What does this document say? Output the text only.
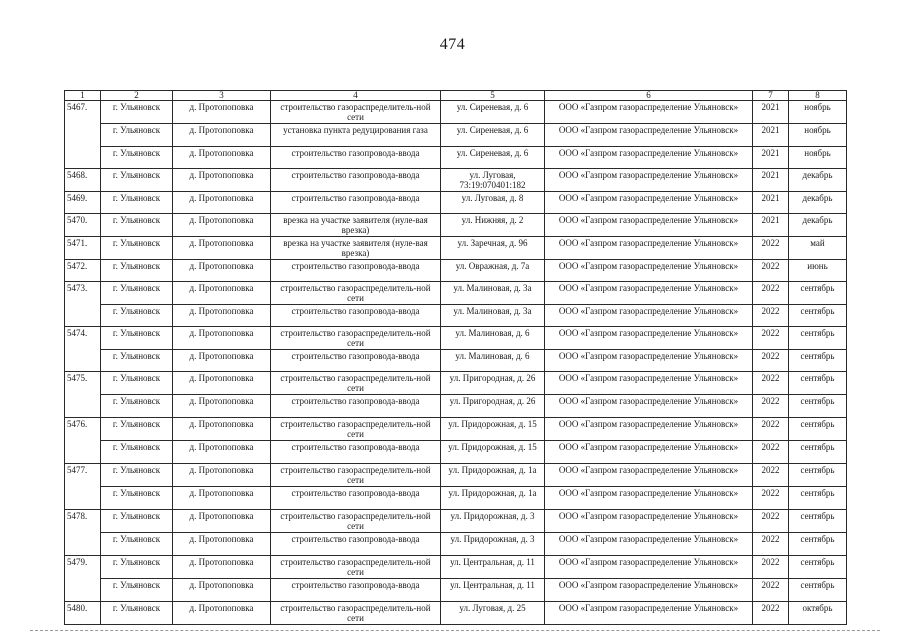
474
1	2	3	4	5	6	7	8
5467.	г. Ульяновск	д. Протопоповка	строительство газораспределитель-ной сети	ул. Сиреневая, д. 6	ООО «Газпром газораспределение Ульяновск»	2021	ноябрь
	г. Ульяновск	д. Протопоповка	установка пункта редуцирования газа	ул. Сиреневая, д. 6	ООО «Газпром газораспределение Ульяновск»	2021	ноябрь
	г. Ульяновск	д. Протопоповка	строительство газопровода-ввода	ул. Сиреневая, д. 6	ООО «Газпром газораспределение Ульяновск»	2021	ноябрь
5468.	г. Ульяновск	д. Протопоповка	строительство газопровода-ввода	ул. Луговая, 73:19:070401:182	ООО «Газпром газораспределение Ульяновск»	2021	декабрь
5469.	г. Ульяновск	д. Протопоповка	строительство газопровода-ввода	ул. Луговая, д. 8	ООО «Газпром газораспределение Ульяновск»	2021	декабрь
5470.	г. Ульяновск	д. Протопоповка	врезка на участке заявителя (нуле-вая врезка)	ул. Нижняя, д. 2	ООО «Газпром газораспределение Ульяновск»	2021	декабрь
5471.	г. Ульяновск	д. Протопоповка	врезка на участке заявителя (нуле-вая врезка)	ул. Заречная, д. 96	ООО «Газпром газораспределение Ульяновск»	2022	май
5472.	г. Ульяновск	д. Протопоповка	строительство газопровода-ввода	ул. Овражная, д. 7а	ООО «Газпром газораспределение Ульяновск»	2022	июнь
5473.	г. Ульяновск	д. Протопоповка	строительство газораспределитель-ной сети	ул. Малиновая, д. 3а	ООО «Газпром газораспределение Ульяновск»	2022	сентябрь
	г. Ульяновск	д. Протопоповка	строительство газопровода-ввода	ул. Малиновая, д. 3а	ООО «Газпром газораспределение Ульяновск»	2022	сентябрь
5474.	г. Ульяновск	д. Протопоповка	строительство газораспределитель-ной сети	ул. Малиновая, д. 6	ООО «Газпром газораспределение Ульяновск»	2022	сентябрь
	г. Ульяновск	д. Протопоповка	строительство газопровода-ввода	ул. Малиновая, д. 6	ООО «Газпром газораспределение Ульяновск»	2022	сентябрь
5475.	г. Ульяновск	д. Протопоповка	строительство газораспределитель-ной сети	ул. Пригородная, д. 26	ООО «Газпром газораспределение Ульяновск»	2022	сентябрь
	г. Ульяновск	д. Протопоповка	строительство газопровода-ввода	ул. Пригородная, д. 26	ООО «Газпром газораспределение Ульяновск»	2022	сентябрь
5476.	г. Ульяновск	д. Протопоповка	строительство газораспределитель-ной сети	ул. Придорожная, д. 15	ООО «Газпром газораспределение Ульяновск»	2022	сентябрь
	г. Ульяновск	д. Протопоповка	строительство газопровода-ввода	ул. Придорожная, д. 15	ООО «Газпром газораспределение Ульяновск»	2022	сентябрь
5477.	г. Ульяновск	д. Протопоповка	строительство газораспределитель-ной сети	ул. Придорожная, д. 1а	ООО «Газпром газораспределение Ульяновск»	2022	сентябрь
	г. Ульяновск	д. Протопоповка	строительство газопровода-ввода	ул. Придорожная, д. 1а	ООО «Газпром газораспределение Ульяновск»	2022	сентябрь
5478.	г. Ульяновск	д. Протопоповка	строительство газораспределитель-ной сети	ул. Придорожная, д. 3	ООО «Газпром газораспределение Ульяновск»	2022	сентябрь
	г. Ульяновск	д. Протопоповка	строительство газопровода-ввода	ул. Придорожная, д. 3	ООО «Газпром газораспределение Ульяновск»	2022	сентябрь
5479.	г. Ульяновск	д. Протопоповка	строительство газораспределитель-ной сети	ул. Центральная, д. 11	ООО «Газпром газораспределение Ульяновск»	2022	сентябрь
	г. Ульяновск	д. Протопоповка	строительство газопровода-ввода	ул. Центральная, д. 11	ООО «Газпром газораспределение Ульяновск»	2022	сентябрь
5480.	г. Ульяновск	д. Протопоповка	строительство газораспределитель-ной сети	ул. Луговая, д. 25	ООО «Газпром газораспределение Ульяновск»	2022	октябрь
